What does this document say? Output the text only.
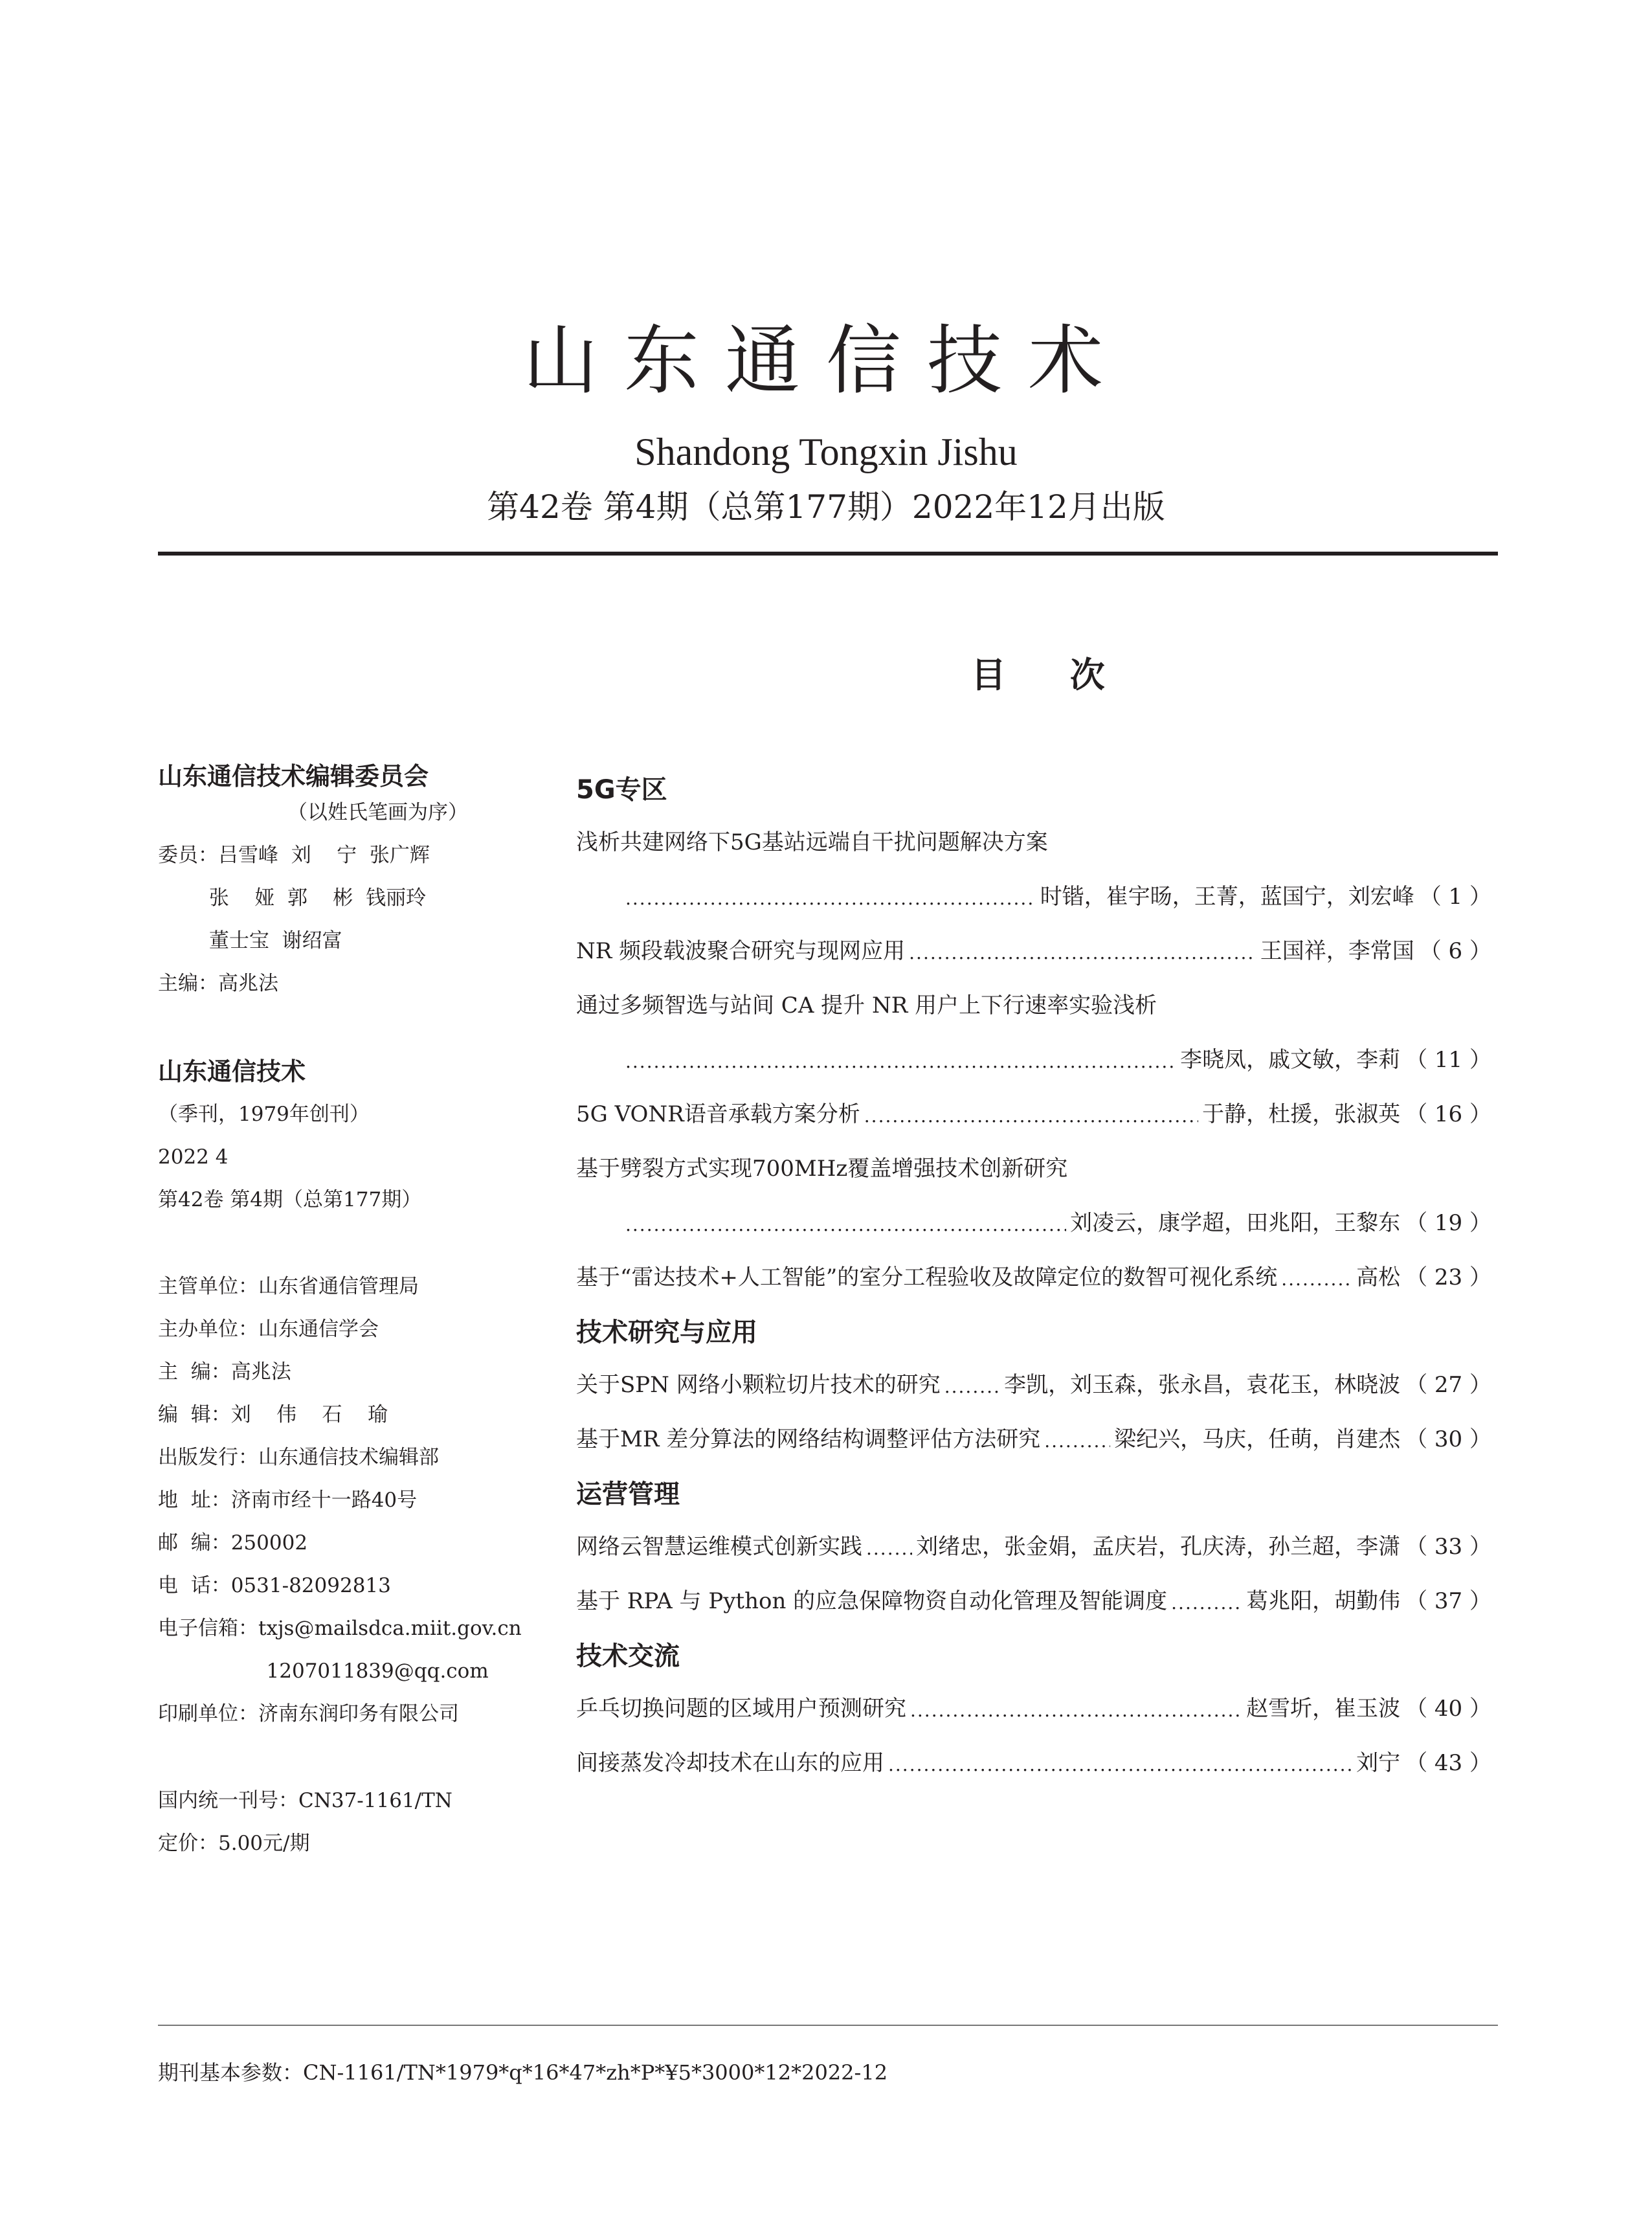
山东通信技术
Shandong Tongxin Jishu
第42卷 第4期（总第177期）2022年12月出版
目 次
山东通信技术编辑委员会
（以姓氏笔画为序）
委员：吕雪峰  刘    宁  张广辉
张    娅  郭    彬  钱丽玲
董士宝  谢绍富
主编：高兆法
山东通信技术
（季刊，1979年创刊）
2022 4
第42卷 第4期（总第177期）
主管单位：山东省通信管理局
主办单位：山东通信学会
主  编：高兆法
编  辑：刘    伟    石    瑜
出版发行：山东通信技术编辑部
地  址：济南市经十一路40号
邮  编：250002
电  话：0531-82092813
电子信箱：txjs@mailsdca.miit.gov.cn
1207011839@qq.com
印刷单位：济南东润印务有限公司
国内统一刊号：CN37-1161/TN
定价：5.00元/期
5G专区
浅析共建网络下5G基站远端自干扰问题解决方案
.....
时锴，崔宇旸，王菁，蓝国宁，刘宏峰 （ 1 ）
NR 频段载波聚合研究与现网应用 .....	王国祥，李常国 （ 6 ）
通过多频智选与站间 CA 提升 NR 用户上下行速率实验浅析
.....
李晓凤，戚文敏，李莉 （ 11 ）
5G VONR语音承载方案分析 .....	于静，杜援，张淑英 （ 16 ）
基于劈裂方式实现700MHz覆盖增强技术创新研究
.....
刘凌云，康学超，田兆阳，王黎东 （ 19 ）
基于“雷达技术+人工智能”的室分工程验收及故障定位的数智可视化系统 .....	高松 （ 23 ）
技术研究与应用
关于SPN 网络小颗粒切片技术的研究 .....	李凯，刘玉森，张永昌，袁花玉，林晓波 （ 27 ）
基于MR 差分算法的网络结构调整评估方法研究 .....	梁纪兴，马庆，任萌，肖建杰 （ 30 ）
运营管理
网络云智慧运维模式创新实践 ..... 刘绪忠，张金娟，孟庆岩，孔庆涛，孙兰超，李潇 （ 33 ）
基于 RPA 与 Python 的应急保障物资自动化管理及智能调度 .....	葛兆阳，胡勤伟 （ 37 ）
技术交流
乒乓切换问题的区域用户预测研究 .....	赵雪圻，崔玉波 （ 40 ）
间接蒸发冷却技术在山东的应用 .....	刘宁 （ 43 ）
期刊基本参数：CN-1161/TN*1979*q*16*47*zh*P*¥5*3000*12*2022-12
